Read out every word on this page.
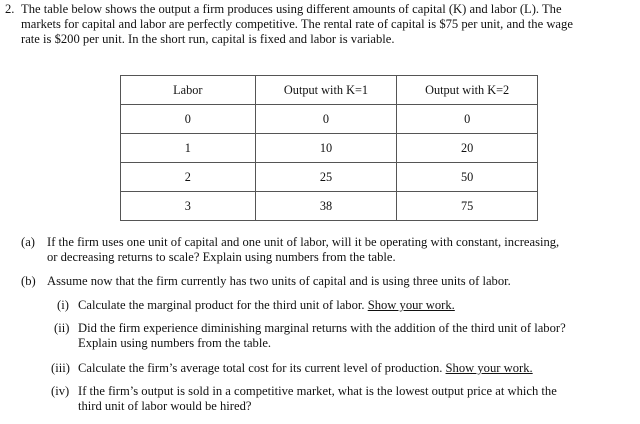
2. The table below shows the output a firm produces using different amounts of capital (K) and labor (L). The
markets for capital and labor are perfectly competitive. The rental rate of capital is $75 per unit, and the wage
rate is $200 per unit. In the short run, capital is fixed and labor is variable.
Labor	Output with K=1	Output with K=2
0	0	0
1	10	20
2	25	50
3	38	75
(a) If the firm uses one unit of capital and one unit of labor, will it be operating with constant, increasing,
or decreasing returns to scale? Explain using numbers from the table.
(b) Assume now that the firm currently has two units of capital and is using three units of labor.
(i) Calculate the marginal product for the third unit of labor. Show your work.
(ii) Did the firm experience diminishing marginal returns with the addition of the third unit of labor?
Explain using numbers from the table.
(iii) Calculate the firm’s average total cost for its current level of production. Show your work.
(iv) If the firm’s output is sold in a competitive market, what is the lowest output price at which the
third unit of labor would be hired?
